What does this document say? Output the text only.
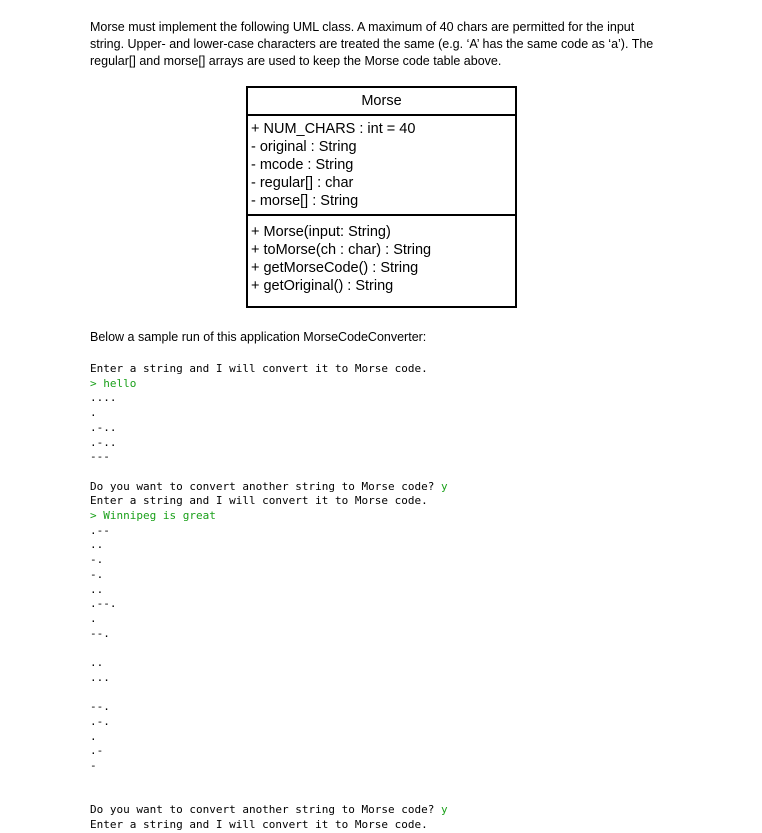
Morse must implement the following UML class. A maximum of 40 chars are permitted for the input

string. Upper- and lower-case characters are treated the same (e.g. ‘A’ has the same code as ‘a’). The

regular[] and morse[] arrays are used to keep the Morse code table above.

Morse
+ NUM_CHARS : int = 40
- original : String
- mcode : String
- regular[] : char
- morse[] : String
+ Morse(input: String)
+ toMorse(ch : char) : String
+ getMorseCode() : String
+ getOriginal() : String
Below a sample run of this application MorseCodeConverter:
Enter a string and I will convert it to Morse code.
> hello
....
.
.-..
.-..
---

Do you want to convert another string to Morse code? y
Enter a string and I will convert it to Morse code.
> Winnipeg is great
.--
..
-.
-.
..
.--.
.
--.

..
...

--.
.-.
.
.-
-

Do you want to convert another string to Morse code? y
Enter a string and I will convert it to Morse code.
